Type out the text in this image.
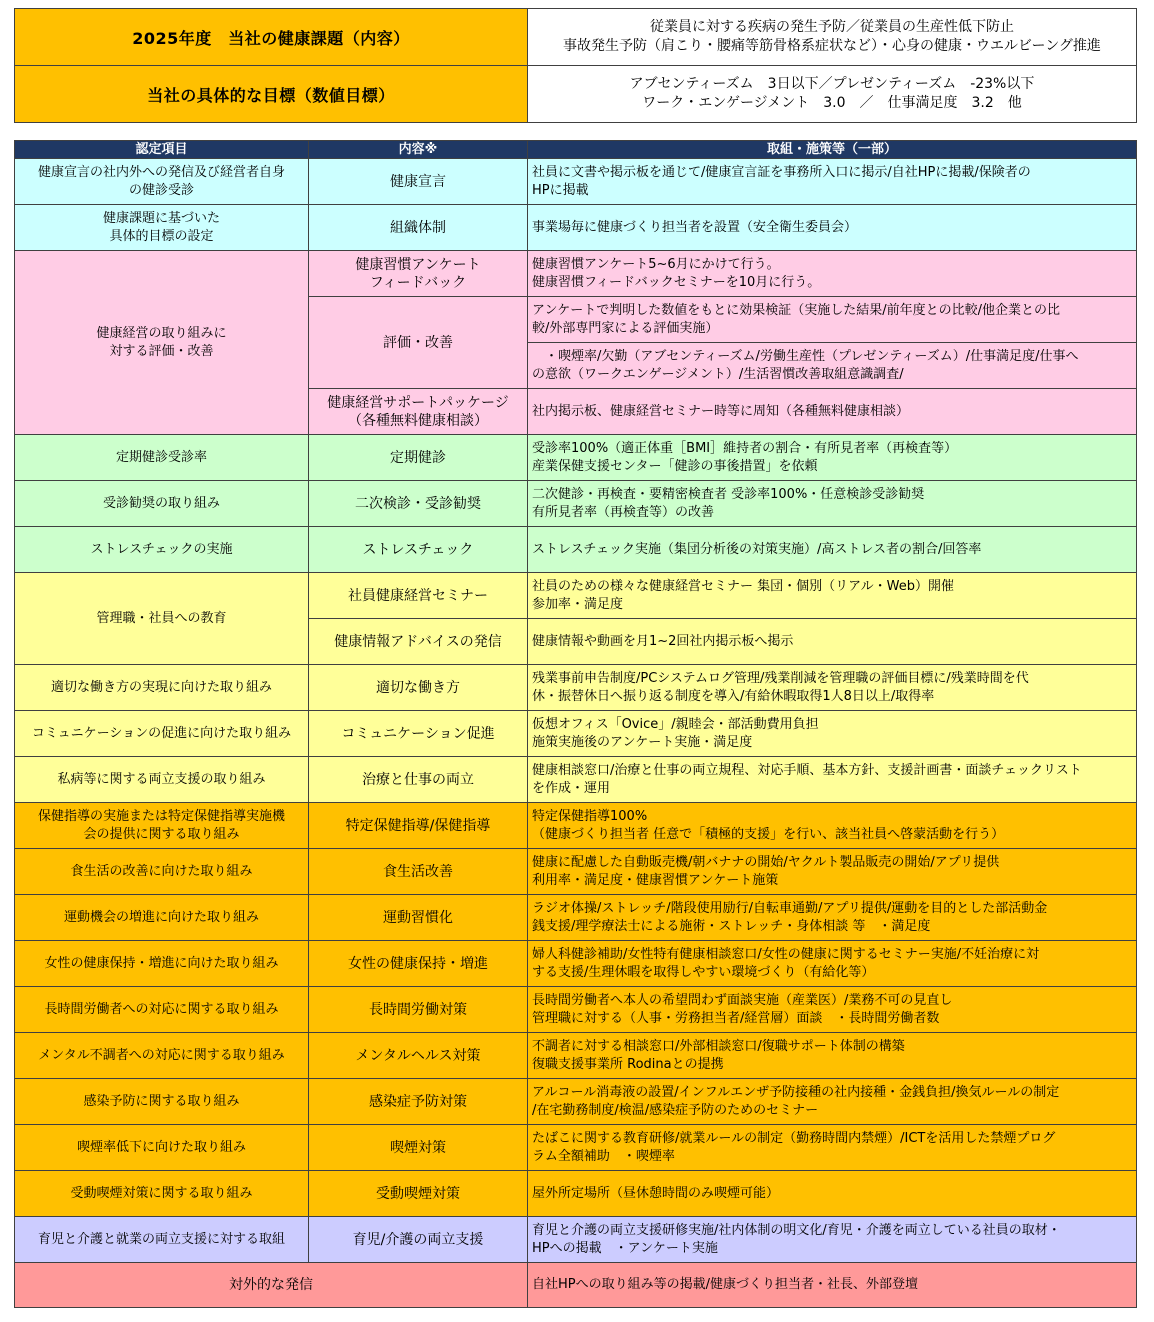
2025年度　当社の健康課題（内容）	従業員に対する疾病の発生予防／従業員の生産性低下防止
事故発生予防（肩こり・腰痛等筋骨格系症状など）・心身の健康・ウエルビーング推進

当社の具体的な目標（数値目標）	アブセンティーズム　3日以下／プレゼンティーズム　-23%以下
ワーク・エンゲージメント　3.0　／　仕事満足度　3.2　他
認定項目	内容※	取組・施策等（一部）

健康宣言の社内外への発信及び経営者自身
の健診受診	健康宣言	社員に文書や掲示板を通じて/健康宣言証を事務所入口に掲示/自社HPに掲載/保険者の
HPに掲載

健康課題に基づいた
具体的目標の設定	組織体制	事業場毎に健康づくり担当者を設置（安全衛生委員会）

健康経営の取り組みに
対する評価・改善	健康習慣アンケート
フィードバック	健康習慣アンケート5~6月にかけて行う。
健康習慣フィードバックセミナーを10月に行う。

	評価・改善	アンケートで判明した数値をもとに効果検証（実施した結果/前年度との比較/他企業との比
較/外部専門家による評価実施）

		　・喫煙率/欠勤（アブセンティーズム/労働生産性（プレゼンティーズム）/仕事満足度/仕事へ
の意欲（ワークエンゲージメント）/生活習慣改善取組意識調査/

	健康経営サポートパッケージ
（各種無料健康相談）	社内掲示板、健康経営セミナー時等に周知（各種無料健康相談）
定期健診受診率	定期健診	受診率100%（適正体重［BMI］維持者の割合・有所見者率（再検査等）
産業保健支援センター「健診の事後措置」を依頼

受診勧奨の取り組み	二次検診・受診勧奨	二次健診・再検査・要精密検査者 受診率100%・任意検診受診勧奨
有所見者率（再検査等）の改善

ストレスチェックの実施	ストレスチェック	ストレスチェック実施（集団分析後の対策実施）/高ストレス者の割合/回答率
管理職・社員への教育	社員健康経営セミナー	社員のための様々な健康経営セミナー 集団・個別（リアル・Web）開催
参加率・満足度

	健康情報アドバイスの発信	健康情報や動画を月1~2回社内掲示板へ掲示
適切な働き方の実現に向けた取り組み	適切な働き方	残業事前申告制度/PCシステムログ管理/残業削減を管理職の評価目標に/残業時間を代
休・振替休日へ振り返る制度を導入/有給休暇取得1人8日以上/取得率

コミュニケーションの促進に向けた取り組み	コミュニケーション促進	仮想オフィス「Ovice」/親睦会・部活動費用負担
施策実施後のアンケート実施・満足度

私病等に関する両立支援の取り組み	治療と仕事の両立	健康相談窓口/治療と仕事の両立規程、対応手順、基本方針、支援計画書・面談チェックリスト
を作成・運用

保健指導の実施または特定保健指導実施機
会の提供に関する取り組み	特定保健指導/保健指導	特定保健指導100%
（健康づくり担当者 任意で「積極的支援」を行い、該当社員へ啓蒙活動を行う）

食生活の改善に向けた取り組み	食生活改善	健康に配慮した自動販売機/朝バナナの開始/ヤクルト製品販売の開始/アプリ提供
利用率・満足度・健康習慣アンケート施策

運動機会の増進に向けた取り組み	運動習慣化	ラジオ体操/ストレッチ/階段使用励行/自転車通勤/アプリ提供/運動を目的とした部活動金
銭支援/理学療法士による施術・ストレッチ・身体相談 等　・満足度

女性の健康保持・増進に向けた取り組み	女性の健康保持・増進	婦人科健診補助/女性特有健康相談窓口/女性の健康に関するセミナー実施/不妊治療に対
する支援/生理休暇を取得しやすい環境づくり（有給化等）

長時間労働者への対応に関する取り組み	長時間労働対策	長時間労働者へ本人の希望問わず面談実施（産業医）/業務不可の見直し
管理職に対する（人事・労務担当者/経営層）面談　・長時間労働者数

メンタル不調者への対応に関する取り組み	メンタルヘルス対策	不調者に対する相談窓口/外部相談窓口/復職サポート体制の構築
復職支援事業所 Rodinaとの提携

感染予防に関する取り組み	感染症予防対策	アルコール消毒液の設置/インフルエンザ予防接種の社内接種・金銭負担/換気ルールの制定
/在宅勤務制度/検温/感染症予防のためのセミナー

喫煙率低下に向けた取り組み	喫煙対策	たばこに関する教育研修/就業ルールの制定（勤務時間内禁煙）/ICTを活用した禁煙プログ
ラム全額補助　・喫煙率

受動喫煙対策に関する取り組み	受動喫煙対策	屋外所定場所（昼休憩時間のみ喫煙可能）
育児と介護と就業の両立支援に対する取組	育児/介護の両立支援	育児と介護の両立支援研修実施/社内体制の明文化/育児・介護を両立している社員の取材・
HPへの掲載　・アンケート実施

対外的な発信		自社HPへの取り組み等の掲載/健康づくり担当者・社長、外部登壇
